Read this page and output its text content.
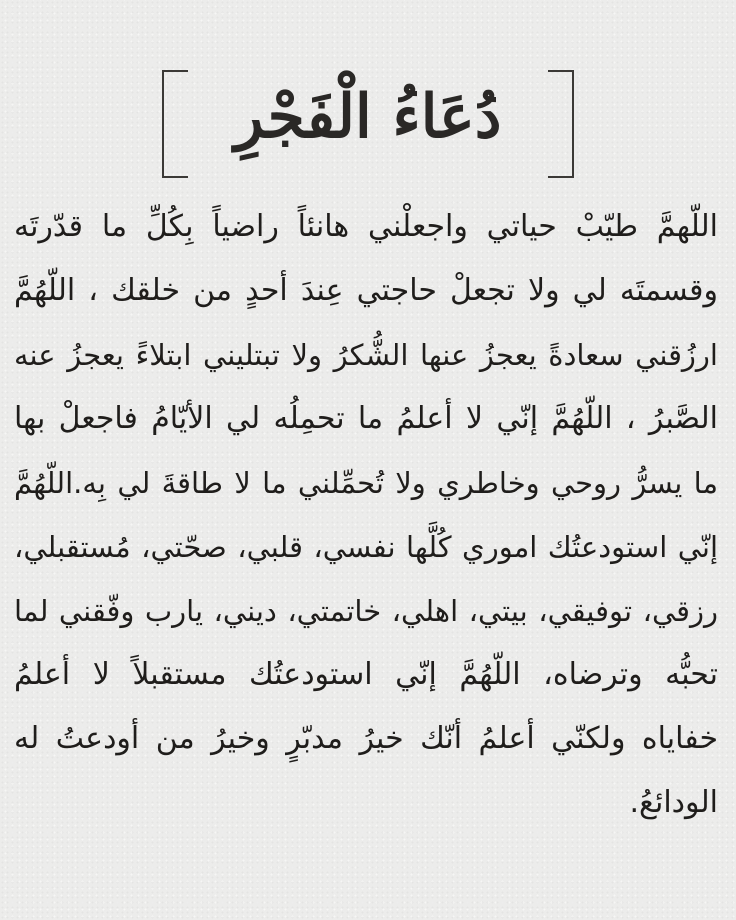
دُعَاءُ الْفَجْرِ
اللّهمَّ طيّبْ حياتي واجعلْني هانئاً راضياً بِكُلِّ ما قدّرتَه
وقسمتَه لي ولا تجعلْ حاجتي عِندَ أحدٍ من خلقك ، اللّهُمَّ
ارزُقني سعادةً يعجزُ عنها الشُّكرُ ولا تبتليني ابتلاءً يعجزُ عنه
الصَّبرُ ، اللّهُمَّ إنّي لا أعلمُ ما تحمِلُه لي الأيّامُ فاجعلْ بها
ما يسرُّ روحي وخاطري ولا تُحمِّلني ما لا طاقةَ لي بِه.اللّهُمَّ
إنّي استودعتُك اموري كُلَّها نفسي، قلبي، صحّتي، مُستقبلي،
رزقي، توفيقي، بيتي، اهلي، خاتمتي، ديني، يارب وفّقني لما
تحبُّه وترضاه، اللّهُمَّ إنّي استودعتُك مستقبلاً لا أعلمُ
خفاياه ولكنّي أعلمُ أنّك خيرُ مدبّرٍ وخيرُ من أودعتُ له
الودائعُ.
